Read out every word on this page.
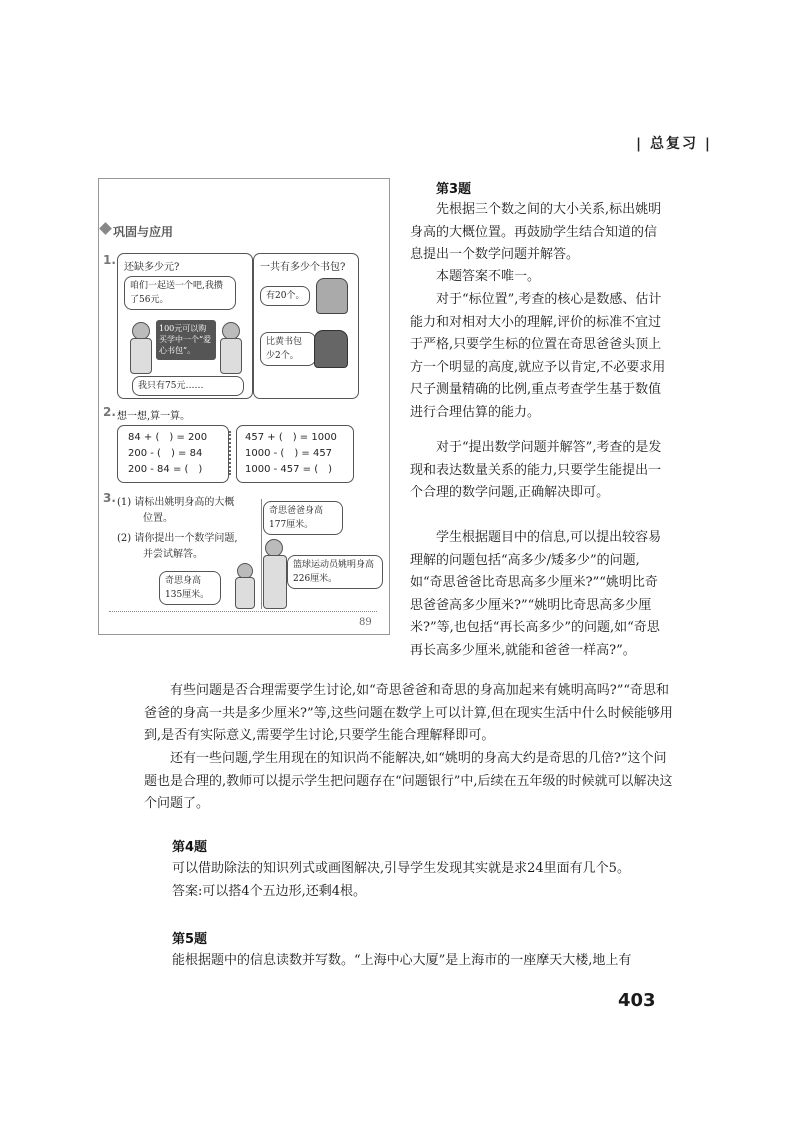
| 总复习 |
巩固与应用
1.
还缺多少元?
咱们一起送一个吧,我攒了56元。
100元可以购买学中一个“爱心书包”。
我只有75元……
一共有多少个书包?
有20个。
比黄书包少2个。
2. 想一想,算一算。
84 + (　) = 200
200 - (　) = 84
200 - 84 = (　)
457 + (　) = 1000
1000 - (　) = 457
1000 - 457 = (　)
3. (1) 请标出姚明身高的大概
位置。
(2) 请你提出一个数学问题,
并尝试解答。
奇思爸爸身高177厘米。
奇思身高135厘米。
篮球运动员姚明身高226厘米。
89
第3题
先根据三个数之间的大小关系,标出姚明身高的大概位置。再鼓励学生结合知道的信息提出一个数学问题并解答。
本题答案不唯一。
对于“标位置”,考查的核心是数感、估计能力和对相对大小的理解,评价的标准不宜过于严格,只要学生标的位置在奇思爸爸头顶上方一个明显的高度,就应予以肯定,不必要求用尺子测量精确的比例,重点考查学生基于数值进行合理估算的能力。
对于“提出数学问题并解答”,考查的是发现和表达数量关系的能力,只要学生能提出一个合理的数学问题,正确解决即可。
学生根据题目中的信息,可以提出较容易理解的问题包括“高多少/矮多少”的问题,如“奇思爸爸比奇思高多少厘米?”“姚明比奇思爸爸高多少厘米?”“姚明比奇思高多少厘米?”等,也包括“再长高多少”的问题,如“奇思再长高多少厘米,就能和爸爸一样高?”。
有些问题是否合理需要学生讨论,如“奇思爸爸和奇思的身高加起来有姚明高吗?”“奇思和爸爸的身高一共是多少厘米?”等,这些问题在数学上可以计算,但在现实生活中什么时候能够用到,是否有实际意义,需要学生讨论,只要学生能合理解释即可。
还有一些问题,学生用现在的知识尚不能解决,如“姚明的身高大约是奇思的几倍?”这个问题也是合理的,教师可以提示学生把问题存在“问题银行”中,后续在五年级的时候就可以解决这个问题了。
第4题
可以借助除法的知识列式或画图解决,引导学生发现其实就是求24里面有几个5。
答案:可以搭4个五边形,还剩4根。
第5题
能根据题中的信息读数并写数。“上海中心大厦”是上海市的一座摩天大楼,地上有
403
